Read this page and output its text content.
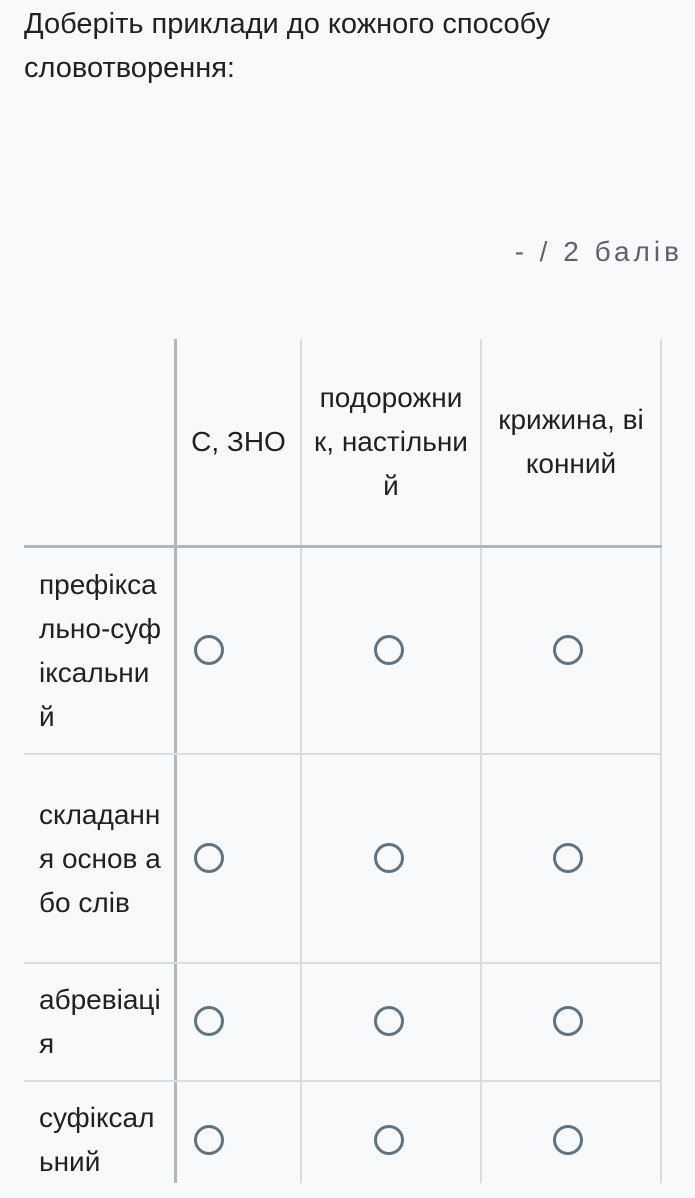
Доберіть приклади до кожного способу словотворення:
- / 2 балів
С, ЗНО
подорожник, настільний
крижина, віконний
префіксально-суфіксальний
складання основ або слів
абревіація
суфіксальний
